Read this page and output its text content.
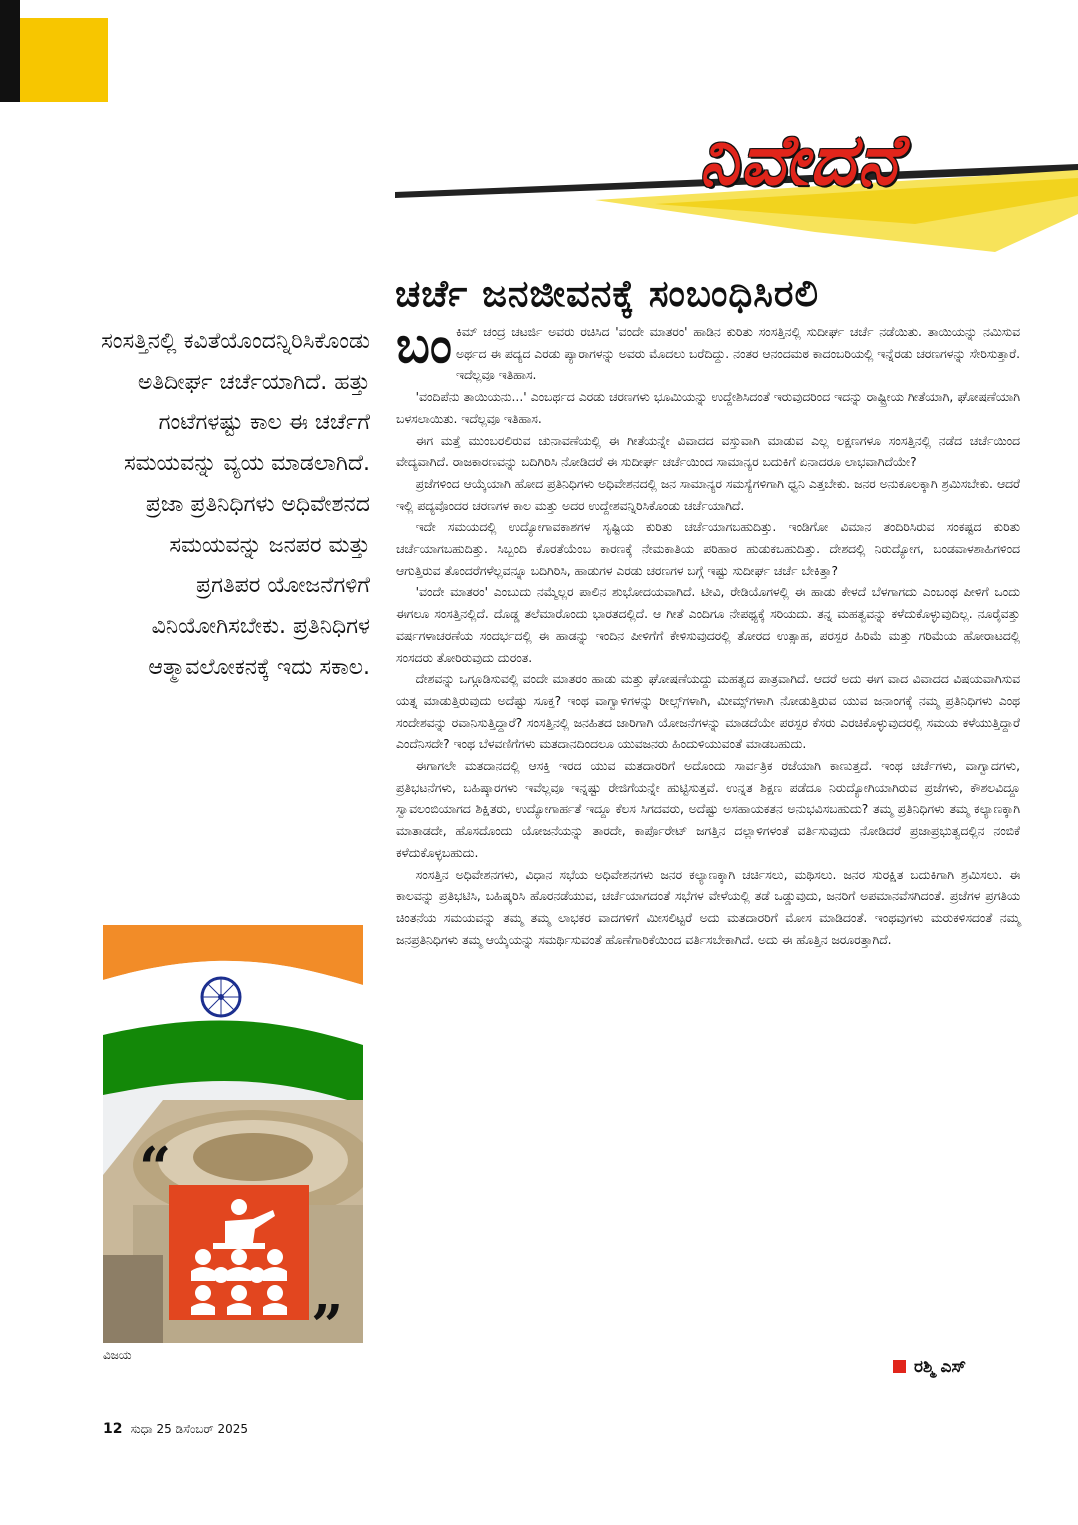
ನಿವೇದನೆ
ಚರ್ಚೆ ಜನಜೀವನಕ್ಕೆ ಸಂಬಂಧಿಸಿರಲಿ
ಸಂಸತ್ತಿನಲ್ಲಿ ಕವಿತೆಯೊಂದನ್ನಿರಿಸಿಕೊಂಡು ಅತಿದೀರ್ಘ ಚರ್ಚೆಯಾಗಿದೆ. ಹತ್ತು ಗಂಟೆಗಳಷ್ಟು ಕಾಲ ಈ ಚರ್ಚೆಗೆ ಸಮಯವನ್ನು ವ್ಯಯ ಮಾಡಲಾಗಿದೆ. ಪ್ರಜಾ ಪ್ರತಿನಿಧಿಗಳು ಅಧಿವೇಶನದ ಸಮಯವನ್ನು ಜನಪರ ಮತ್ತು ಪ್ರಗತಿಪರ ಯೋಜನೆಗಳಿಗೆ ವಿನಿಯೋಗಿಸಬೇಕು. ಪ್ರತಿನಿಧಿಗಳ ಆತ್ಮಾವಲೋಕನಕ್ಕೆ ಇದು ಸಕಾಲ.

ಬಂಕಿಮ್ ಚಂದ್ರ ಚಟರ್ಜಿ ಅವರು ರಚಿಸಿದ 'ವಂದೇ ಮಾತರಂ' ಹಾಡಿನ ಕುರಿತು ಸಂಸತ್ತಿನಲ್ಲಿ ಸುದೀರ್ಘ ಚರ್ಚೆ ನಡೆಯಿತು. ತಾಯಿಯನ್ನು ನಮಿಸುವ ಅರ್ಥದ ಈ ಪದ್ಯದ ಎರಡು ಪ್ಯಾರಾಗಳನ್ನು ಅವರು ಮೊದಲು ಬರೆದಿದ್ದು. ನಂತರ ಆನಂದಮಠ ಕಾದಂಬರಿಯಲ್ಲಿ ಇನ್ನೆರಡು ಚರಣಗಳನ್ನು ಸೇರಿಸುತ್ತಾರೆ. ಇದೆಲ್ಲವೂ ಇತಿಹಾಸ.

'ವಂದಿಪೆನು ತಾಯಿಯನು...' ಎಂಬರ್ಥದ ಎರಡು ಚರಣಗಳು ಭೂಮಿಯನ್ನು ಉದ್ದೇಶಿಸಿದಂತೆ ಇರುವುದರಿಂದ ಇದನ್ನು ರಾಷ್ಟ್ರೀಯ ಗೀತೆಯಾಗಿ, ಘೋಷಣೆಯಾಗಿ ಬಳಸಲಾಯಿತು. ಇದೆಲ್ಲವೂ ಇತಿಹಾಸ.

ಈಗ ಮತ್ತೆ ಮುಂಬರಲಿರುವ ಚುನಾವಣೆಯಲ್ಲಿ ಈ ಗೀತೆಯನ್ನೇ ವಿವಾದದ ವಸ್ತುವಾಗಿ ಮಾಡುವ ಎಲ್ಲ ಲಕ್ಷಣಗಳೂ ಸಂಸತ್ತಿನಲ್ಲಿ ನಡೆದ ಚರ್ಚೆಯಿಂದ ವೇದ್ಯವಾಗಿದೆ. ರಾಜಕಾರಣವನ್ನು ಬದಿಗಿರಿಸಿ ನೋಡಿದರೆ ಈ ಸುದೀರ್ಘ ಚರ್ಚೆಯಿಂದ ಸಾಮಾನ್ಯರ ಬದುಕಿಗೆ ಏನಾದರೂ ಲಾಭವಾಗಿದೆಯೇ?

ಪ್ರಜೆಗಳಿಂದ ಆಯ್ಕೆಯಾಗಿ ಹೋದ ಪ್ರತಿನಿಧಿಗಳು ಅಧಿವೇಶನದಲ್ಲಿ ಜನ ಸಾಮಾನ್ಯರ ಸಮಸ್ಯೆಗಳಿಗಾಗಿ ಧ್ವನಿ ಎತ್ತಬೇಕು. ಜನರ ಅನುಕೂಲಕ್ಕಾಗಿ ಶ್ರಮಿಸಬೇಕು. ಆದರೆ ಇಲ್ಲಿ ಪದ್ಯವೊಂದರ ಚರಣಗಳ ಕಾಲ ಮತ್ತು ಅದರ ಉದ್ದೇಶವನ್ನಿರಿಸಿಕೊಂಡು ಚರ್ಚೆಯಾಗಿದೆ.

ಇದೇ ಸಮಯದಲ್ಲಿ ಉದ್ಯೋಗಾವಕಾಶಗಳ ಸೃಷ್ಟಿಯ ಕುರಿತು ಚರ್ಚೆಯಾಗಬಹುದಿತ್ತು. ಇಂಡಿಗೋ ವಿಮಾನ ತಂದಿರಿಸಿರುವ ಸಂಕಷ್ಟದ ಕುರಿತು ಚರ್ಚೆಯಾಗಬಹುದಿತ್ತು. ಸಿಬ್ಬಂದಿ ಕೊರತೆಯೆಂಬ ಕಾರಣಕ್ಕೆ ನೇಮಕಾತಿಯ ಪರಿಹಾರ ಹುಡುಕಬಹುದಿತ್ತು. ದೇಶದಲ್ಲಿ ನಿರುದ್ಯೋಗ, ಬಂಡವಾಳಶಾಹಿಗಳಿಂದ ಆಗುತ್ತಿರುವ ತೊಂದರೆಗಳೆಲ್ಲವನ್ನೂ ಬದಿಗಿರಿಸಿ, ಹಾಡುಗಳ ಎರಡು ಚರಣಗಳ ಬಗ್ಗೆ ಇಷ್ಟು ಸುದೀರ್ಘ ಚರ್ಚೆ ಬೇಕಿತ್ತಾ?

'ವಂದೇ ಮಾತರಂ' ಎಂಬುದು ನಮ್ಮೆಲ್ಲರ ಪಾಲಿನ ಶುಭೋದಯವಾಗಿದೆ. ಟೀವಿ, ರೇಡಿಯೊಗಳಲ್ಲಿ ಈ ಹಾಡು ಕೇಳದೆ ಬೆಳಗಾಗದು ಎಂಬಂಥ ಪೀಳಿಗೆ ಒಂದು ಈಗಲೂ ಸಂಸತ್ತಿನಲ್ಲಿದೆ. ದೊಡ್ಡ ತಲೆಮಾರೊಂದು ಭಾರತದಲ್ಲಿದೆ. ಆ ಗೀತೆ ಎಂದಿಗೂ ನೇಪಥ್ಯಕ್ಕೆ ಸರಿಯದು. ತನ್ನ ಮಹತ್ವವನ್ನು ಕಳೆದುಕೊಳ್ಳುವುದಿಲ್ಲ. ನೂರೈವತ್ತು ವರ್ಷಗಳಾಚರಣೆಯ ಸಂದರ್ಭದಲ್ಲಿ ಈ ಹಾಡನ್ನು ಇಂದಿನ ಪೀಳಿಗೆಗೆ ಕೇಳಿಸುವುದರಲ್ಲಿ ತೋರದ ಉತ್ಸಾಹ, ಪರಸ್ಪರ ಹಿರಿಮೆ ಮತ್ತು ಗರಿಮೆಯ ಹೋರಾಟದಲ್ಲಿ ಸಂಸದರು ತೋರಿರುವುದು ದುರಂತ.

ದೇಶವನ್ನು ಒಗ್ಗೂಡಿಸುವಲ್ಲಿ ವಂದೇ ಮಾತರಂ ಹಾಡು ಮತ್ತು ಘೋಷಣೆಯದ್ದು ಮಹತ್ವದ ಪಾತ್ರವಾಗಿದೆ. ಆದರೆ ಅದು ಈಗ ವಾದ ವಿವಾದದ ವಿಷಯವಾಗಿಸುವ ಯತ್ನ ಮಾಡುತ್ತಿರುವುದು ಅದೆಷ್ಟು ಸೂಕ್ತ? ಇಂಥ ವಾಗ್ವಾಳಿಗಳನ್ನು ರೀಲ್ಸ್‌ಗಳಾಗಿ, ಮೀಮ್ಸ್‌ಗಳಾಗಿ ನೋಡುತ್ತಿರುವ ಯುವ ಜನಾಂಗಕ್ಕೆ ನಮ್ಮ ಪ್ರತಿನಿಧಿಗಳು ಎಂಥ ಸಂದೇಶವನ್ನು ರವಾನಿಸುತ್ತಿದ್ದಾರೆ? ಸಂಸತ್ತಿನಲ್ಲಿ ಜನಹಿತದ ಜಾರಿಗಾಗಿ ಯೋಜನೆಗಳನ್ನು ಮಾಡದೆಯೇ ಪರಸ್ಪರ ಕೆಸರು ಎರಚಿಕೊಳ್ಳುವುದರಲ್ಲಿ ಸಮಯ ಕಳೆಯುತ್ತಿದ್ದಾರೆ ಎಂದೆನಿಸದೇ? ಇಂಥ ಬೆಳವಣಿಗೆಗಳು ಮತದಾನದಿಂದಲೂ ಯುವಜನರು ಹಿಂದುಳಿಯುವಂತೆ ಮಾಡಬಹುದು.

ಈಗಾಗಲೇ ಮತದಾನದಲ್ಲಿ ಆಸಕ್ತಿ ಇರದ ಯುವ ಮತದಾರರಿಗೆ ಅದೊಂದು ಸಾರ್ವತ್ರಿಕ ರಜೆಯಾಗಿ ಕಾಣುತ್ತದೆ. ಇಂಥ ಚರ್ಚೆಗಳು, ವಾಗ್ವಾದಗಳು, ಪ್ರತಿಭಟನೆಗಳು, ಬಹಿಷ್ಕಾರಗಳು ಇವೆಲ್ಲವೂ ಇನ್ನಷ್ಟು ರೇಜಿಗೆಯನ್ನೇ ಹುಟ್ಟಿಸುತ್ತವೆ. ಉನ್ನತ ಶಿಕ್ಷಣ ಪಡೆದೂ ನಿರುದ್ಯೋಗಿಯಾಗಿರುವ ಪ್ರಜೆಗಳು, ಕೌಶಲವಿದ್ದೂ ಸ್ವಾವಲಂಬಿಯಾಗದ ಶಿಕ್ಷಿತರು, ಉದ್ಯೋಗಾರ್ಹತೆ ಇದ್ದೂ ಕೆಲಸ ಸಿಗದವರು, ಅದೆಷ್ಟು ಅಸಹಾಯಕತನ ಅನುಭವಿಸಬಹುದು? ತಮ್ಮ ಪ್ರತಿನಿಧಿಗಳು ತಮ್ಮ ಕಲ್ಯಾಣಕ್ಕಾಗಿ ಮಾತಾಡದೇ, ಹೊಸದೊಂದು ಯೋಜನೆಯನ್ನು ತಾರದೇ, ಕಾರ್ಪೊರೇಟ್ ಜಗತ್ತಿನ ದಲ್ಲಾಳಿಗಳಂತೆ ವರ್ತಿಸುವುದು ನೋಡಿದರೆ ಪ್ರಜಾಪ್ರಭುತ್ವದಲ್ಲಿನ ನಂಬಿಕೆ ಕಳೆದುಕೊಳ್ಳಬಹುದು.

ಸಂಸತ್ತಿನ ಅಧಿವೇಶನಗಳು, ವಿಧಾನ ಸಭೆಯ ಅಧಿವೇಶನಗಳು ಜನರ ಕಲ್ಯಾಣಕ್ಕಾಗಿ ಚರ್ಚಿಸಲು, ಮಥಿಸಲು. ಜನರ ಸುರಕ್ಷಿತ ಬದುಕಿಗಾಗಿ ಶ್ರಮಿಸಲು. ಈ ಕಾಲವನ್ನು ಪ್ರತಿಭಟಿಸಿ, ಬಹಿಷ್ಕರಿಸಿ ಹೊರನಡೆಯುವ, ಚರ್ಚೆಯಾಗದಂತೆ ಸಭೆಗಳ ವೇಳೆಯಲ್ಲಿ ತಡೆ ಒಡ್ಡುವುದು, ಜನರಿಗೆ ಅಪಮಾನವೆಸಗಿದಂತೆ. ಪ್ರಜೆಗಳ ಪ್ರಗತಿಯ ಚಿಂತನೆಯ ಸಮಯವನ್ನು ತಮ್ಮ ತಮ್ಮ ಲಾಭಕರ ವಾದಗಳಿಗೆ ಮೀಸಲಿಟ್ಟರೆ ಅದು ಮತದಾರರಿಗೆ ಮೋಸ ಮಾಡಿದಂತೆ. ಇಂಥವುಗಳು ಮರುಕಳಿಸದಂತೆ ನಮ್ಮ ಜನಪ್ರತಿನಿಧಿಗಳು ತಮ್ಮ ಆಯ್ಕೆಯನ್ನು ಸಮರ್ಥಿಸುವಂತೆ ಹೊಣೆಗಾರಿಕೆಯಿಂದ ವರ್ತಿಸಬೇಕಾಗಿದೆ. ಅದು ಈ ಹೊತ್ತಿನ ಜರೂರತ್ತಾಗಿದೆ.

ರಶ್ಮಿ ಎಸ್
“
”
ವಿಜಯ
12 ಸುಧಾ 25 ಡಿಸೆಂಬರ್ 2025
